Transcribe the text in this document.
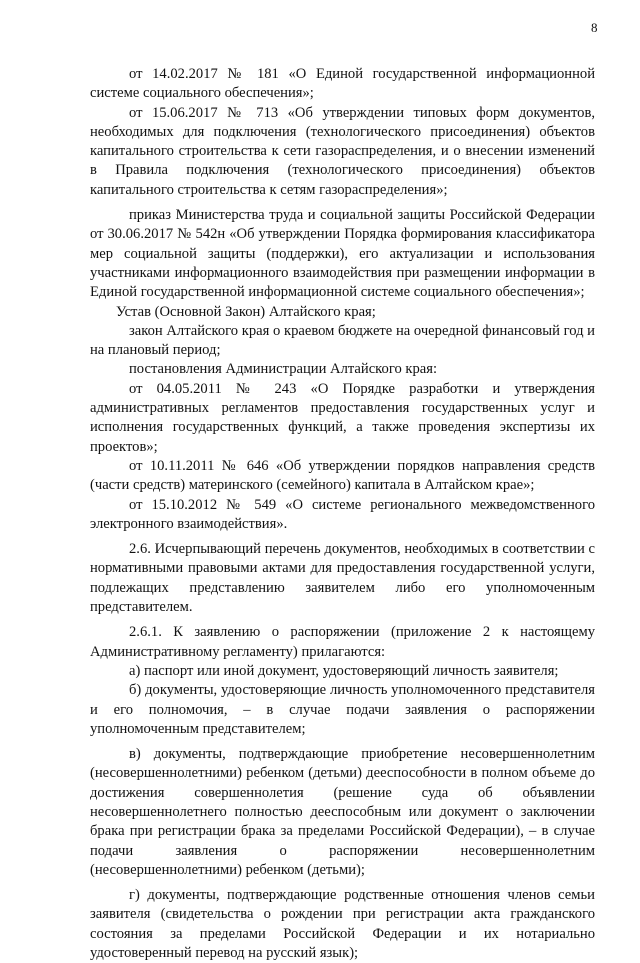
8

от 14.02.2017 № 181 «О Единой государственной информационной системе социального обеспечения»;

от 15.06.2017 № 713 «Об утверждении типовых форм документов, необходимых для подключения (технологического присоединения) объектов капитального строительства к сети газораспределения, и о внесении изменений в Правила подключения (технологического присоединения) объектов капитального строительства к сетям газораспределения»;

приказ Министерства труда и социальной защиты Российской Федерации от 30.06.2017 № 542н «Об утверждении Порядка формирования классификатора мер социальной защиты (поддержки), его актуализации и использования участниками информационного взаимодействия при размещении информации в Единой государственной информационной системе социального обеспечения»;

Устав (Основной Закон) Алтайского края;

закон Алтайского края о краевом бюджете на очередной финансовый год и на плановый период;

постановления Администрации Алтайского края:

от 04.05.2011 № 243 «О Порядке разработки и утверждения административных регламентов предоставления государственных услуг и исполнения государственных функций, а также проведения экспертизы их проектов»;

от 10.11.2011 № 646 «Об утверждении порядков направления средств (части средств) материнского (семейного) капитала в Алтайском крае»;

от 15.10.2012 № 549 «О системе регионального межведомственного электронного взаимодействия».

2.6. Исчерпывающий перечень документов, необходимых в соответствии с нормативными правовыми актами для предоставления государственной услуги, подлежащих представлению заявителем либо его уполномоченным представителем.

2.6.1. К заявлению о распоряжении (приложение 2 к настоящему Административному регламенту) прилагаются:

а) паспорт или иной документ, удостоверяющий личность заявителя;

б) документы, удостоверяющие личность уполномоченного представителя и его полномочия, – в случае подачи заявления о распоряжении уполномоченным представителем;

в) документы, подтверждающие приобретение несовершеннолетним (несовершеннолетними) ребенком (детьми) дееспособности в полном объеме до достижения совершеннолетия (решение суда об объявлении несовершеннолетнего полностью дееспособным или документ о заключении брака при регистрации брака за пределами Российской Федерации), – в случае подачи заявления о распоряжении несовершеннолетним (несовершеннолетними) ребенком (детьми);

г) документы, подтверждающие родственные отношения членов семьи заявителя (свидетельства о рождении при регистрации акта гражданского состояния за пределами Российской Федерации и их нотариально удостоверенный перевод на русский язык);
